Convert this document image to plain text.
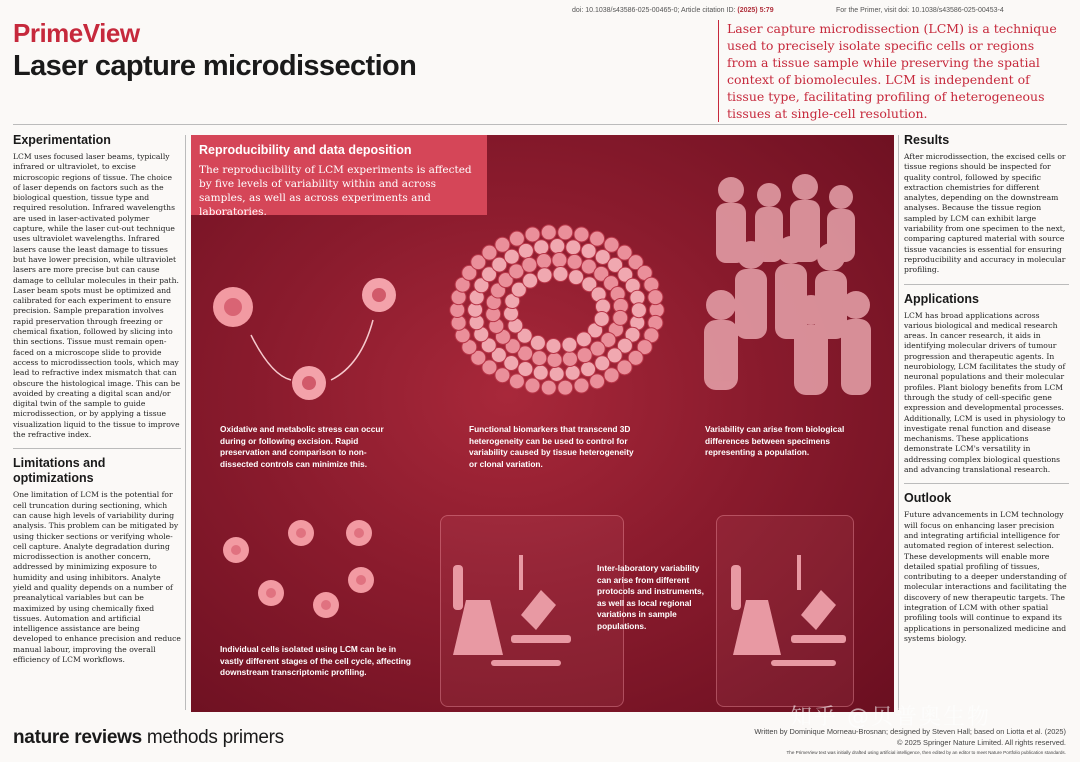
doi: 10.1038/s43586-025-00465-0; Article citation ID: (2025) 5:79	For the Primer, visit doi: 10.1038/s43586-025-00453-4
PrimeView
Laser capture microdissection
Laser capture microdissection (LCM) is a technique used to precisely isolate specific cells or regions from a tissue sample while preserving the spatial context of biomolecules. LCM is independent of tissue type, facilitating profiling of heterogeneous tissues at single-cell resolution.
Experimentation

LCM uses focused laser beams, typically infrared or ultraviolet, to excise microscopic regions of tissue. The choice of laser depends on factors such as the biological question, tissue type and required resolution. Infrared wavelengths are used in laser-activated polymer capture, while the laser cut-out technique uses ultraviolet wavelengths. Infrared lasers cause the least damage to tissues but have lower precision, while ultraviolet lasers are more precise but can cause damage to cellular molecules in their path. Laser beam spots must be optimized and calibrated for each experiment to ensure precision. Sample preparation involves rapid preservation through freezing or chemical fixation, followed by slicing into thin sections. Tissue must remain open-faced on a microscope slide to provide access to microdissection tools, which may lead to refractive index mismatch that can obscure the histological image. This can be avoided by creating a digital scan and/or digital twin of the sample to guide microdissection, or by applying a tissue visualization liquid to the tissue to improve the refractive index.

Limitations and optimizations

One limitation of LCM is the potential for cell truncation during sectioning, which can cause high levels of variability during analysis. This problem can be mitigated by using thicker sections or verifying whole-cell capture. Analyte degradation during microdissection is another concern, addressed by minimizing exposure to humidity and using inhibitors. Analyte yield and quality depends on a number of preanalytical variables but can be maximized by using chemically fixed tissues. Automation and artificial intelligence assistance are being developed to enhance precision and reduce manual labour, improving the overall efficiency of LCM workflows.

Reproducibility and data deposition
The reproducibility of LCM experiments is affected by five levels of variability within and across samples, as well as across experiments and laboratories.
Oxidative and metabolic stress can occur during or following excision. Rapid preservation and comparison to non-dissected controls can minimize this.
Functional biomarkers that transcend 3D heterogeneity can be used to control for variability caused by tissue heterogeneity or clonal variation.
Variability can arise from biological differences between specimens representing a population.
Individual cells isolated using LCM can be in vastly different stages of the cell cycle, affecting downstream transcriptomic profiling.
Inter-laboratory variability can arise from different protocols and instruments, as well as local regional variations in sample populations.
Results

After microdissection, the excised cells or tissue regions should be inspected for quality control, followed by specific extraction chemistries for different analytes, depending on the downstream analyses. Because the tissue region sampled by LCM can exhibit large variability from one specimen to the next, comparing captured material with source tissue vacancies is essential for ensuring reproducibility and accuracy in molecular profiling.

Applications

LCM has broad applications across various biological and medical research areas. In cancer research, it aids in identifying molecular drivers of tumour progression and therapeutic agents. In neurobiology, LCM facilitates the study of neuronal populations and their molecular profiles. Plant biology benefits from LCM through the study of cell-specific gene expression and developmental processes. Additionally, LCM is used in physiology to investigate renal function and disease mechanisms. These applications demonstrate LCM's versatility in addressing complex biological questions and advancing translational research.

Outlook

Future advancements in LCM technology will focus on enhancing laser precision and integrating artificial intelligence for automated region of interest selection. These developments will enable more detailed spatial profiling of tissues, contributing to a deeper understanding of molecular interactions and facilitating the discovery of new therapeutic targets. The integration of LCM with other spatial profiling tools will continue to expand its applications in personalized medicine and systems biology.

知乎 @贝普奥生物
nature reviews methods primers	Written by Dominique Morneau-Brosnan; designed by Steven Hall; based on Liotta et al. (2025)
© 2025 Springer Nature Limited. All rights reserved.
The PrimeView text was initially drafted using artificial intelligence, then edited by an editor to meet Nature Portfolio publication standards.
